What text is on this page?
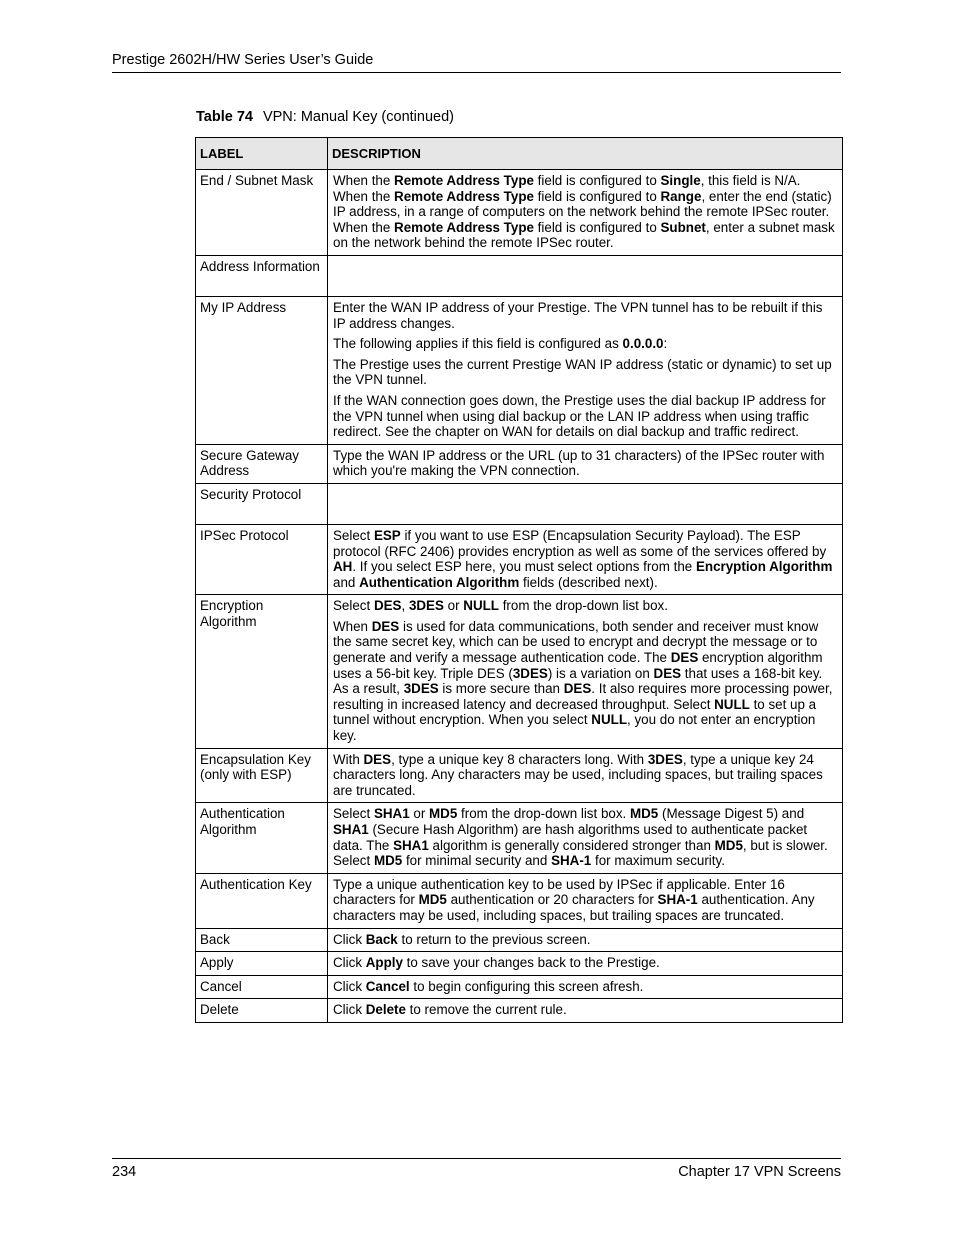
Prestige 2602H/HW Series User’s Guide
Table 74 VPN: Manual Key (continued)
LABEL	DESCRIPTION
End / Subnet Mask	When the Remote Address Type field is configured to Single, this field is N/A. When the Remote Address Type field is configured to Range, enter the end (static) IP address, in a range of computers on the network behind the remote IPSec router. When the Remote Address Type field is configured to Subnet, enter a subnet mask on the network behind the remote IPSec router.

Address Information	
My IP Address	Enter the WAN IP address of your Prestige. The VPN tunnel has to be rebuilt if this IP address changes.

The following applies if this field is configured as 0.0.0.0:

The Prestige uses the current Prestige WAN IP address (static or dynamic) to set up the VPN tunnel.

If the WAN connection goes down, the Prestige uses the dial backup IP address for the VPN tunnel when using dial backup or the LAN IP address when using traffic redirect. See the chapter on WAN for details on dial backup and traffic redirect.

Secure Gateway Address	Type the WAN IP address or the URL (up to 31 characters) of the IPSec router with which you're making the VPN connection.

Security Protocol	
IPSec Protocol	Select ESP if you want to use ESP (Encapsulation Security Payload). The ESP protocol (RFC 2406) provides encryption as well as some of the services offered by AH. If you select ESP here, you must select options from the Encryption Algorithm and Authentication Algorithm fields (described next).

Encryption Algorithm	Select DES, 3DES or NULL from the drop-down list box.

When DES is used for data communications, both sender and receiver must know the same secret key, which can be used to encrypt and decrypt the message or to generate and verify a message authentication code. The DES encryption algorithm uses a 56-bit key. Triple DES (3DES) is a variation on DES that uses a 168-bit key. As a result, 3DES is more secure than DES. It also requires more processing power, resulting in increased latency and decreased throughput. Select NULL to set up a tunnel without encryption. When you select NULL, you do not enter an encryption key.

Encapsulation Key (only with ESP)	With DES, type a unique key 8 characters long. With 3DES, type a unique key 24 characters long. Any characters may be used, including spaces, but trailing spaces are truncated.

Authentication Algorithm	Select SHA1 or MD5 from the drop-down list box. MD5 (Message Digest 5) and SHA1 (Secure Hash Algorithm) are hash algorithms used to authenticate packet data. The SHA1 algorithm is generally considered stronger than MD5, but is slower. Select MD5 for minimal security and SHA-1 for maximum security.

Authentication Key	Type a unique authentication key to be used by IPSec if applicable. Enter 16 characters for MD5 authentication or 20 characters for SHA-1 authentication. Any characters may be used, including spaces, but trailing spaces are truncated.

Back	Click Back to return to the previous screen.

Apply	Click Apply to save your changes back to the Prestige.

Cancel	Click Cancel to begin configuring this screen afresh.

Delete	Click Delete to remove the current rule.

234	Chapter 17 VPN Screens
